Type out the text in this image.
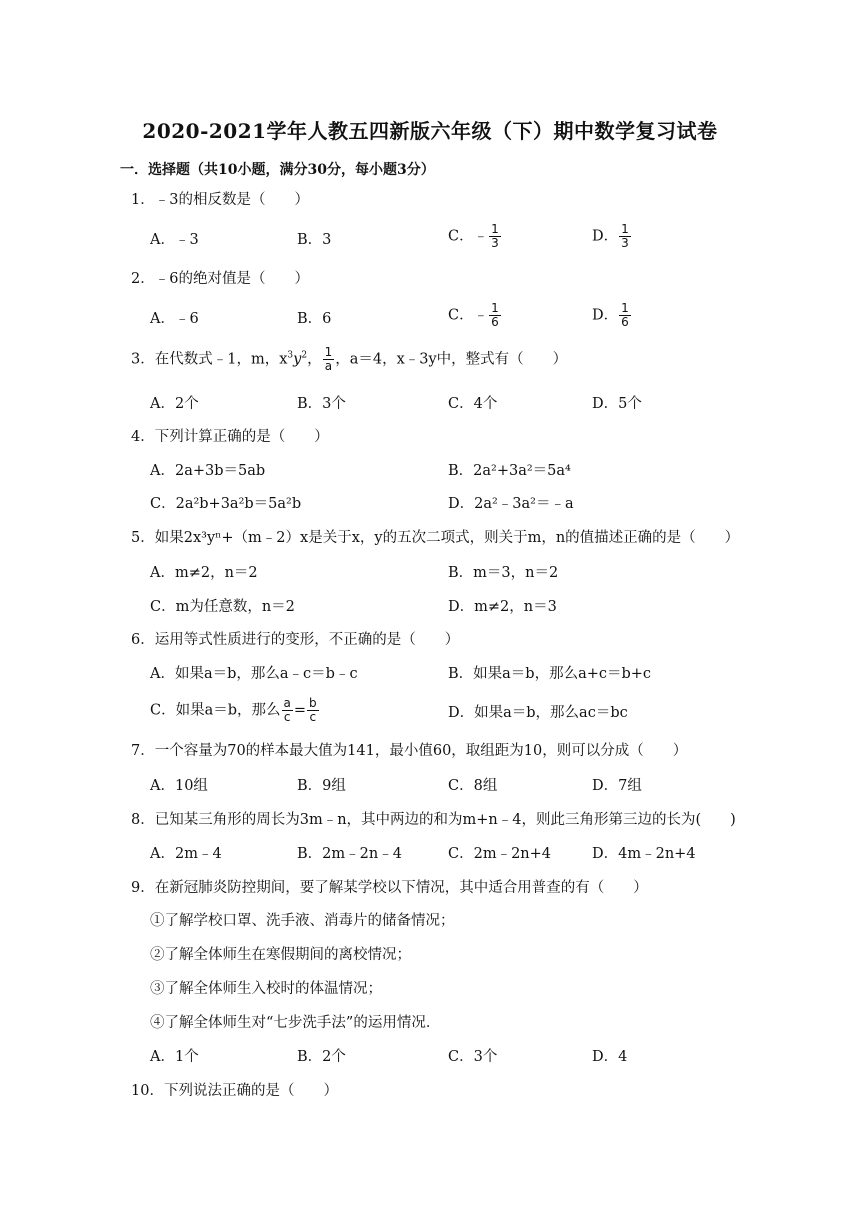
2020-2021学年人教五四新版六年级（下）期中数学复习试卷
一．选择题（共10小题，满分30分，每小题3分）
1．﹣3的相反数是（　　）
A．﹣3	B．3	C．﹣ $\frac{1}{3}$	D． $\frac{1}{3}$
2．﹣6的绝对值是（　　）
A．﹣6	B．6	C．﹣ $\frac{1}{6}$	D． $\frac{1}{6}$
3．在代数式﹣1，m，$x^3y^2$， $\frac{1}{a}$ ，a＝4，x﹣3y中，整式有（　　）
A．2个	B．3个	C．4个	D．5个
4．下列计算正确的是（　　）
A．2a+3b＝5ab	B．2a²+3a²＝5a⁴
C．2a²b+3a²b＝5a²b	D．2a²﹣3a²＝﹣a
5．如果2x³yⁿ+（m﹣2）x是关于x，y的五次二项式，则关于m，n的值描述正确的是（　　）
A．m≠2，n＝2	B．m＝3，n＝2
C．m为任意数，n＝2	D．m≠2，n＝3
6．运用等式性质进行的变形，不正确的是（　　）
A．如果a＝b，那么a﹣c＝b﹣c	B．如果a＝b，那么a+c＝b+c
C．如果a＝b，那么 $\frac{a}{c} = \frac{b}{c}$	D．如果a＝b，那么ac＝bc
7．一个容量为70的样本最大值为141，最小值60，取组距为10，则可以分成（　　）
A．10组	B．9组	C．8组	D．7组
8．已知某三角形的周长为3m﹣n，其中两边的和为m+n﹣4，则此三角形第三边的长为(　　)
A．2m﹣4	B．2m﹣2n﹣4	C．2m﹣2n+4	D．4m﹣2n+4
9．在新冠肺炎防控期间，要了解某学校以下情况，其中适合用普查的有（　　）
①了解学校口罩、洗手液、消毒片的储备情况；
②了解全体师生在寒假期间的离校情况；
③了解全体师生入校时的体温情况；
④了解全体师生对“七步洗手法”的运用情况．
A．1个	B．2个	C．3个	D．4
10．下列说法正确的是（　　）
